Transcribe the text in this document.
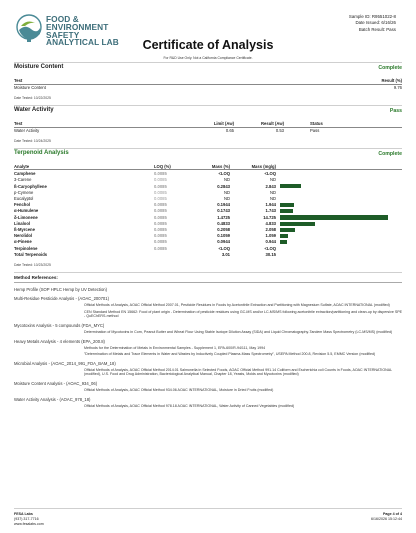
FOOD &
ENVIRONMENT
SAFETY
ANALYTICAL LAB
Sample ID: R9551022-8
Date Issued: 6/16/26
Batch Result: Pass
Certificate of Analysis
For R&D Use Only. Not a California Compliance Certificate.
Moisture Content	Complete
Test	Result (%)
Moisture Content	9.76
Date Tested: 10/22/2025
Water Activity	Pass
Test	Limit (Aw)	Result (Aw)	Status
Water Activity	0.65	0.53	Pass
Date Tested: 10/24/2025
Terpenoid Analysis	Complete
Analyte	LOQ (%)	Mass (%)	Mass (mg/g)	
Camphene	0.0085	<LOQ	<LOQ	
3-Carene	0.0085	ND	ND	
ß-Caryophyllene	0.0085	0.2843	2.843	
p-Cymene	0.0085	ND	ND	
Eucalyptol	0.0085	ND	ND	
Fenchol	0.0085	0.1944	1.944	
α-Humulene	0.0085	0.1743	1.743	
δ-Limonene	0.0085	1.4725	14.725	
Linalool	0.0085	0.4833	4.833	
ß-Myrcene	0.0085	0.2058	2.058	
Nerolidol	0.0085	0.1059	1.059	
α-Pinene	0.0085	0.0944	0.944	
Terpinolene	0.0085	<LOQ	<LOQ	
Total Terpenoids		3.01	30.15	
Date Tested: 10/23/2025
Method References:
Hemp Profile (SOP HPLC Hemp by UV Detection)
Multi-Residue Pesticide Analysis - (AOAC_200701)
Official Methods of Analysis, AOAC Official Method 2007.01, Pesticide Residues in Foods by Acetonitrile Extraction and Partitioning with Magnesium Sulfate, AOAC INTERNATIONAL (modified)
CEN Standard Method EN 15662: Food of plant origin - Determination of pesticide residues using GC-MS and/or LC-MS/MS following acetonitrile extraction/partitioning and clean-up by dispersive SPE - QuEChERS-method
Mycotoxins Analysis - 5 compounds (FDA_MYC)
Determination of Mycotoxins in Corn, Peanut Butter and Wheat Flour Using Stable Isotope Dilution Assay (SIDA) and Liquid Chromatography-Tandem Mass Spectrometry (LC-MS/MS) (modified)
Heavy Metals Analysis - 4 elements (EPA_200.8)
Methods for the Determination of Metals in Environmental Samples - Supplement 1, EPA-600/R-94/111, May 1994
"Determination of Metals and Trace Elements in Water and Wastes by Inductively Coupled Plasma-Mass Spectrometry", USEPA Method 200.8, Revision 5.5, EMMC Version (modified)
Microbial Analysis - (AOAC_2014_991_FDA_BAM_18)
Official Methods of Analysis, AOAC Official Method 2014.01 Salmonella in Selected Foods, AOAC Official Method 991.14 Coliform and Escherichia coli Counts in Foods, AOAC INTERNATIONAL (modified), U.S. Food and Drug Administration, Bacteriological Analytical Manual, Chapter 18, Yeasts, Molds and Mycotoxins (modified)
Moisture Content Analysis - (AOAC_934_06)
Official Methods of Analysis, AOAC Official Method 934.06 AOAC INTERNATIONAL, Moisture in Dried Fruits (modified)
Water Activity Analysis - (AOAC_978_18)
Official Methods of Analysis, AOAC Official Method 978.18 AOAC INTERNATIONAL, Water Activity of Canned Vegetables (modified)
FESA Labs
(937) 317-7716
www.fesalabs.com
Page 4 of 4
6/16/2026 15:12:44
